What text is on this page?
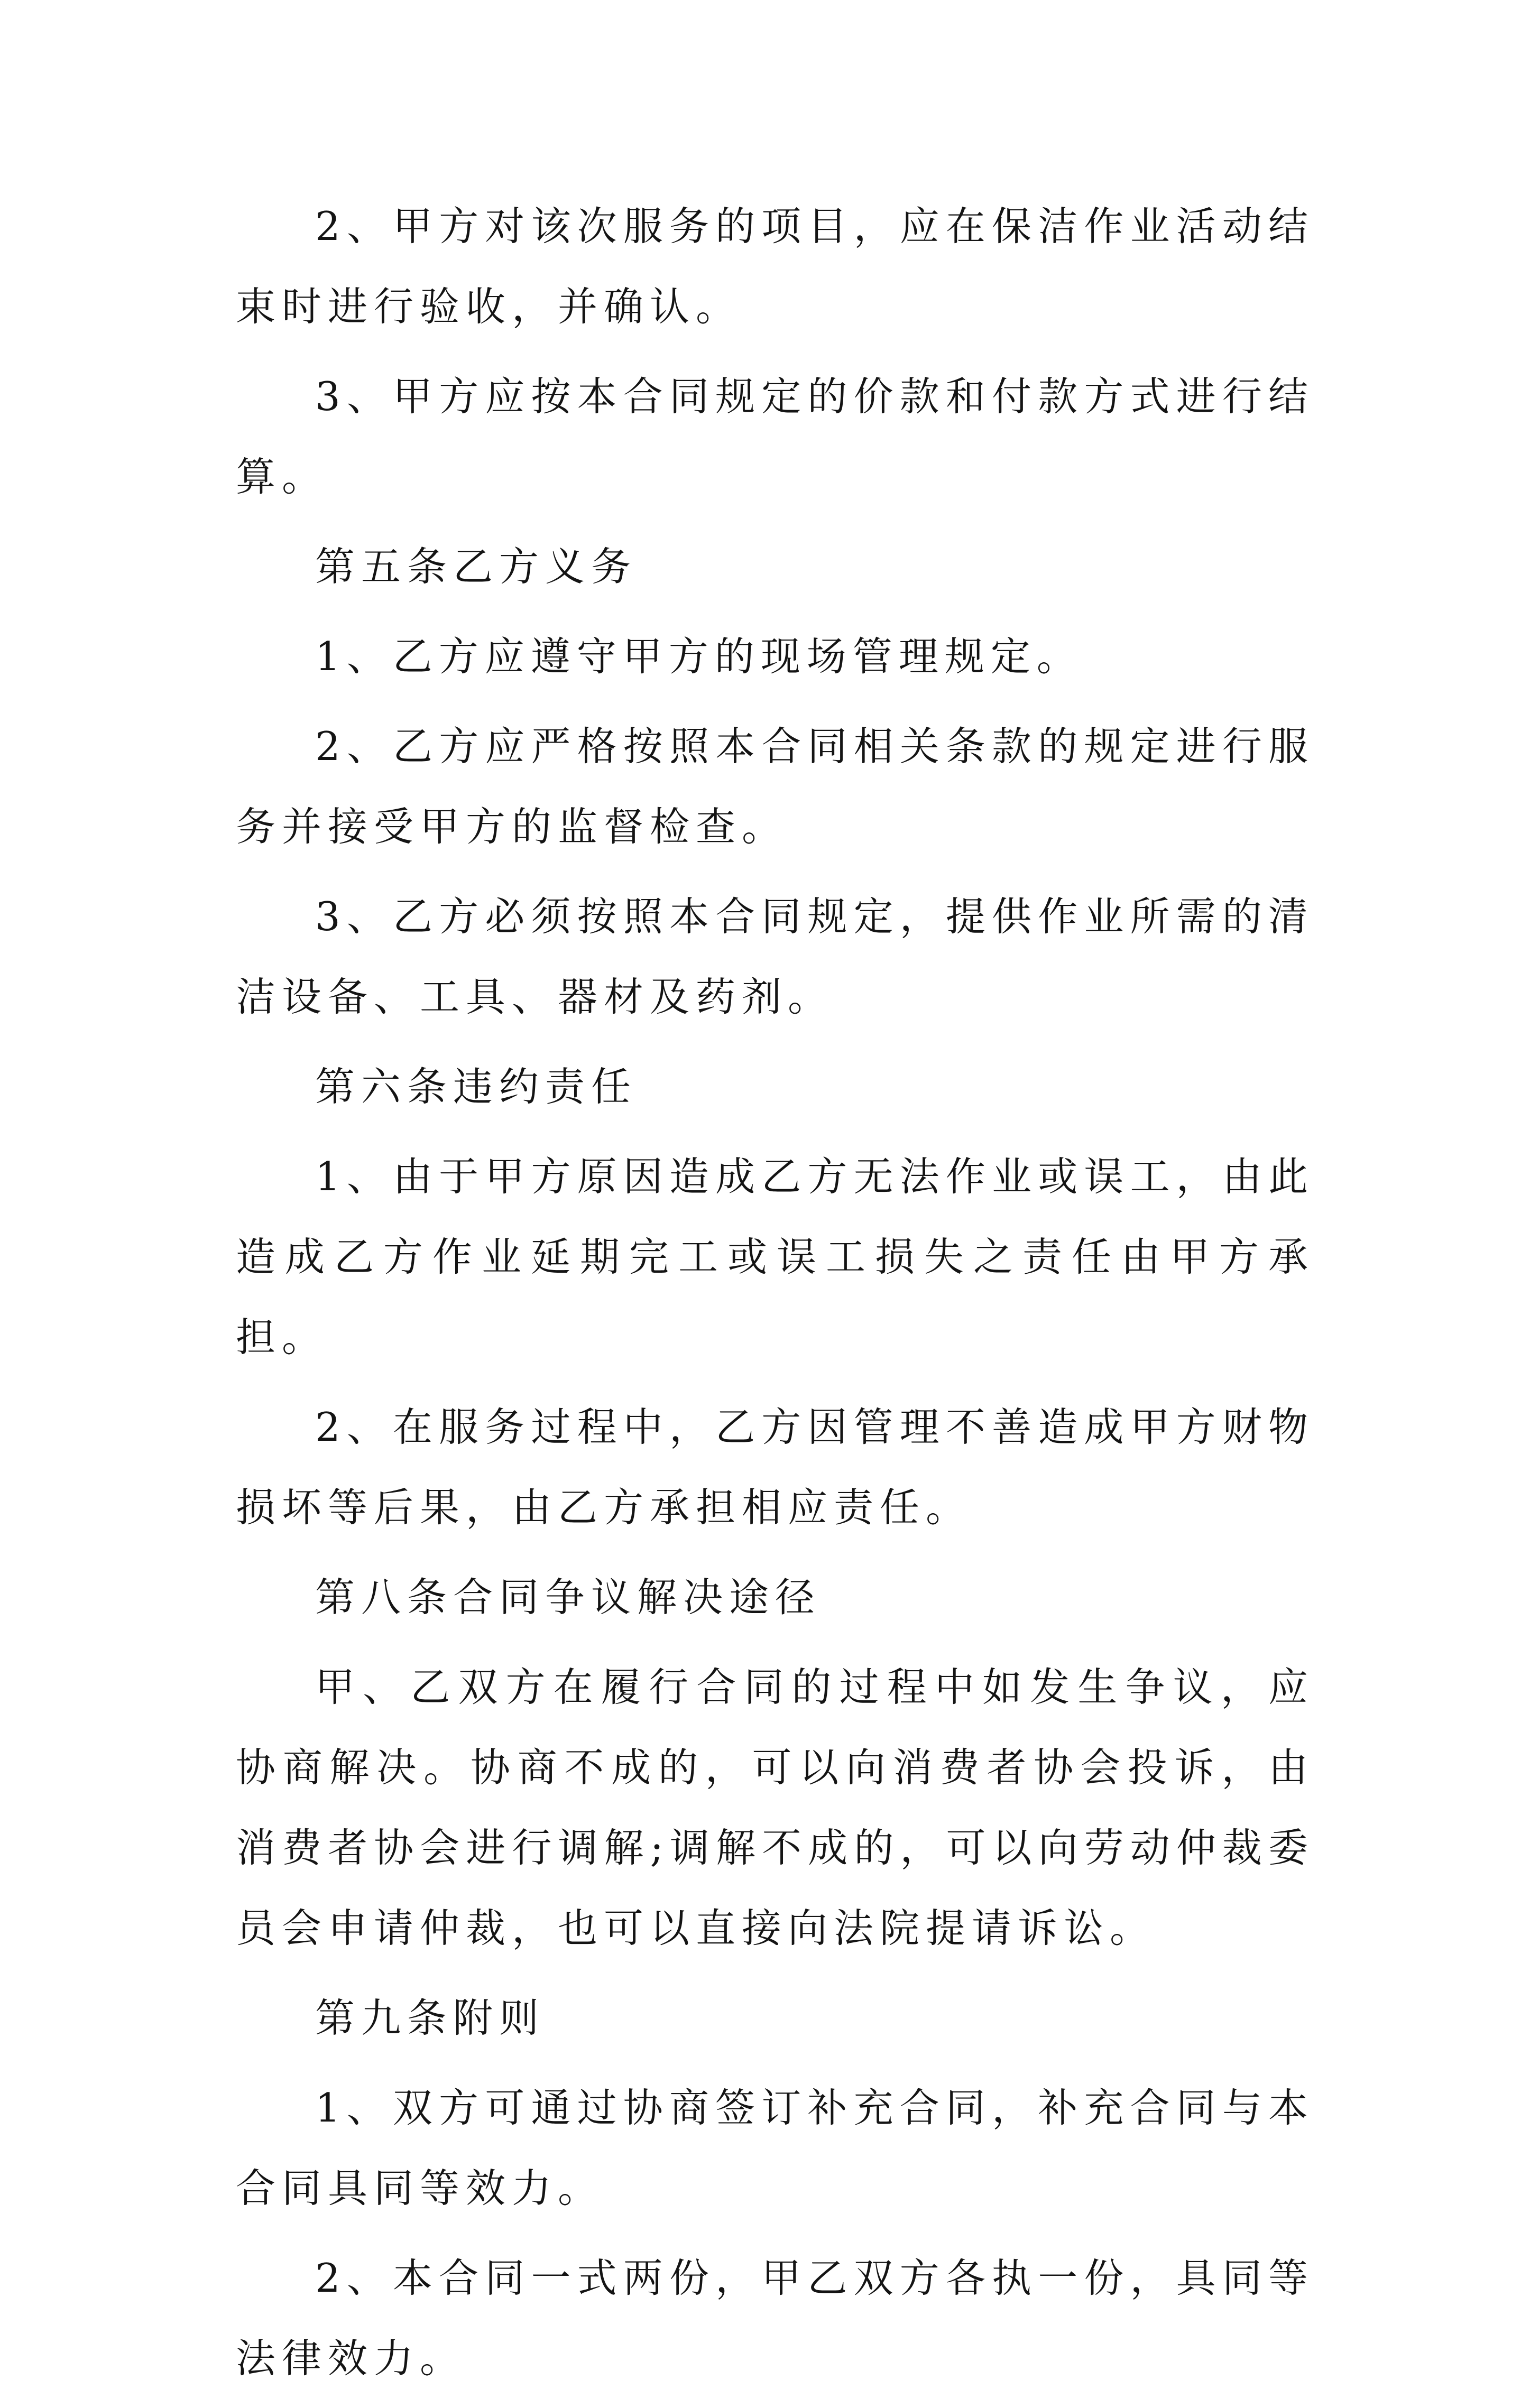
2、甲方对该次服务的项目，应在保洁作业活动结束时进行验收，并确认。

3、甲方应按本合同规定的价款和付款方式进行结算。

第五条乙方义务

1、乙方应遵守甲方的现场管理规定。

2、乙方应严格按照本合同相关条款的规定进行服务并接受甲方的监督检查。

3、乙方必须按照本合同规定，提供作业所需的清洁设备、工具、器材及药剂。

第六条违约责任

1、由于甲方原因造成乙方无法作业或误工，由此造成乙方作业延期完工或误工损失之责任由甲方承担。

2、在服务过程中，乙方因管理不善造成甲方财物损坏等后果，由乙方承担相应责任。

第八条合同争议解决途径

甲、乙双方在履行合同的过程中如发生争议，应协商解决。协商不成的，可以向消费者协会投诉，由消费者协会进行调解;调解不成的，可以向劳动仲裁委员会申请仲裁，也可以直接向法院提请诉讼。

第九条附则

1、双方可通过协商签订补充合同，补充合同与本合同具同等效力。

2、本合同一式两份，甲乙双方各执一份，具同等法律效力。
